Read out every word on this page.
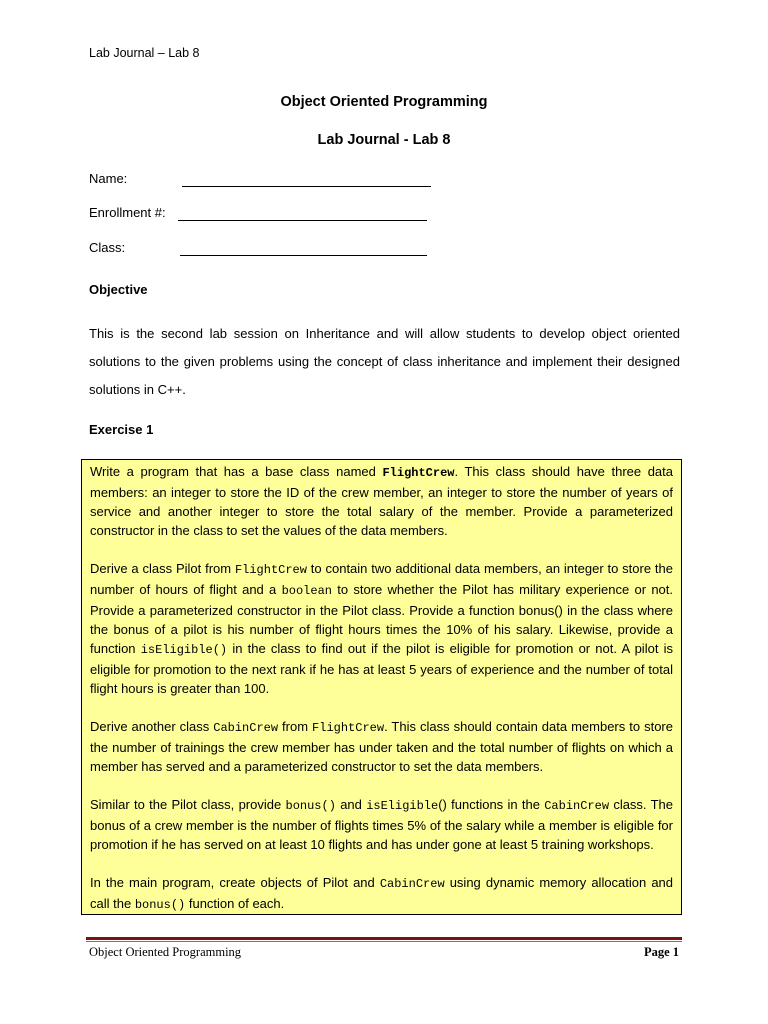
Lab Journal – Lab 8
Object Oriented Programming
Lab Journal - Lab 8
Name:
Enrollment #:
Class:
Objective

This is the second lab session on Inheritance and will allow students to develop object oriented solutions to the given problems using the concept of class inheritance and implement their designed solutions in C++.

Exercise 1

Write a program that has a base class named FlightCrew. This class should have three data members: an integer to store the ID of the crew member, an integer to store the number of years of service and another integer to store the total salary of the member. Provide a parameterized constructor in the class to set the values of the data members.

Derive a class Pilot from FlightCrew to contain two additional data members, an integer to store the number of hours of flight and a boolean to store whether the Pilot has military experience or not. Provide a parameterized constructor in the Pilot class. Provide a function bonus() in the class where the bonus of a pilot is his number of flight hours times the 10% of his salary. Likewise, provide a function isEligible() in the class to find out if the pilot is eligible for promotion or not. A pilot is eligible for promotion to the next rank if he has at least 5 years of experience and the number of total flight hours is greater than 100.

Derive another class CabinCrew from FlightCrew. This class should contain data members to store the number of trainings the crew member has under taken and the total number of flights on which a member has served and a parameterized constructor to set the data members.

Similar to the Pilot class, provide bonus() and isEligible() functions in the CabinCrew class. The bonus of a crew member is the number of flights times 5% of the salary while a member is eligible for promotion if he has served on at least 10 flights and has under gone at least 5 training workshops.

In the main program, create objects of Pilot and CabinCrew using dynamic memory allocation and call the bonus() function of each.

Object Oriented Programming	Page 1
